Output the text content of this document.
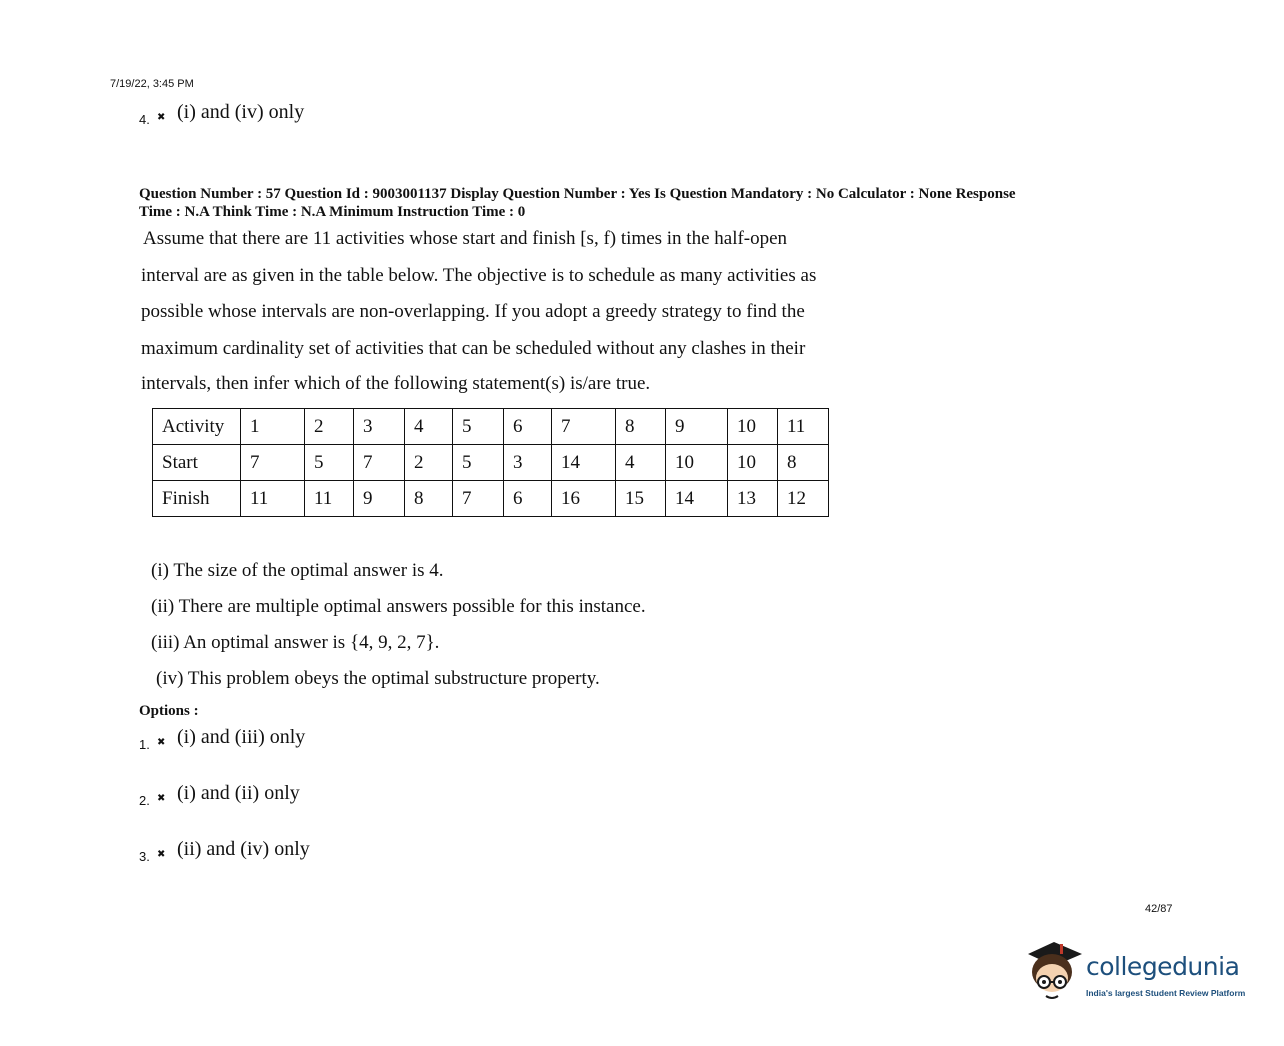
7/19/22, 3:45 PM
4. ✖ (i) and (iv) only
Question Number : 57 Question Id : 9003001137 Display Question Number : Yes Is Question Mandatory : No Calculator : None Response
Time : N.A Think Time : N.A Minimum Instruction Time : 0
Assume that there are 11 activities whose start and finish [s, f) times in the half-open
interval are as given in the table below. The objective is to schedule as many activities as
possible whose intervals are non-overlapping. If you adopt a greedy strategy to find the
maximum cardinality set of activities that can be scheduled without any clashes in their
intervals, then infer which of the following statement(s) is/are true.
Activity	1	2	3	4	5	6	7	8	9	10	11
Start	7	5	7	2	5	3	14	4	10	10	8
Finish	11	11	9	8	7	6	16	15	14	13	12
(i) The size of the optimal answer is 4.
(ii) There are multiple optimal answers possible for this instance.
(iii) An optimal answer is {4, 9, 2, 7}.
(iv) This problem obeys the optimal substructure property.
Options :
1. ✖ (i) and (iii) only
2. ✖ (i) and (ii) only
3. ✖ (ii) and (iv) only
42/87
collegedunia
India's largest Student Review Platform
